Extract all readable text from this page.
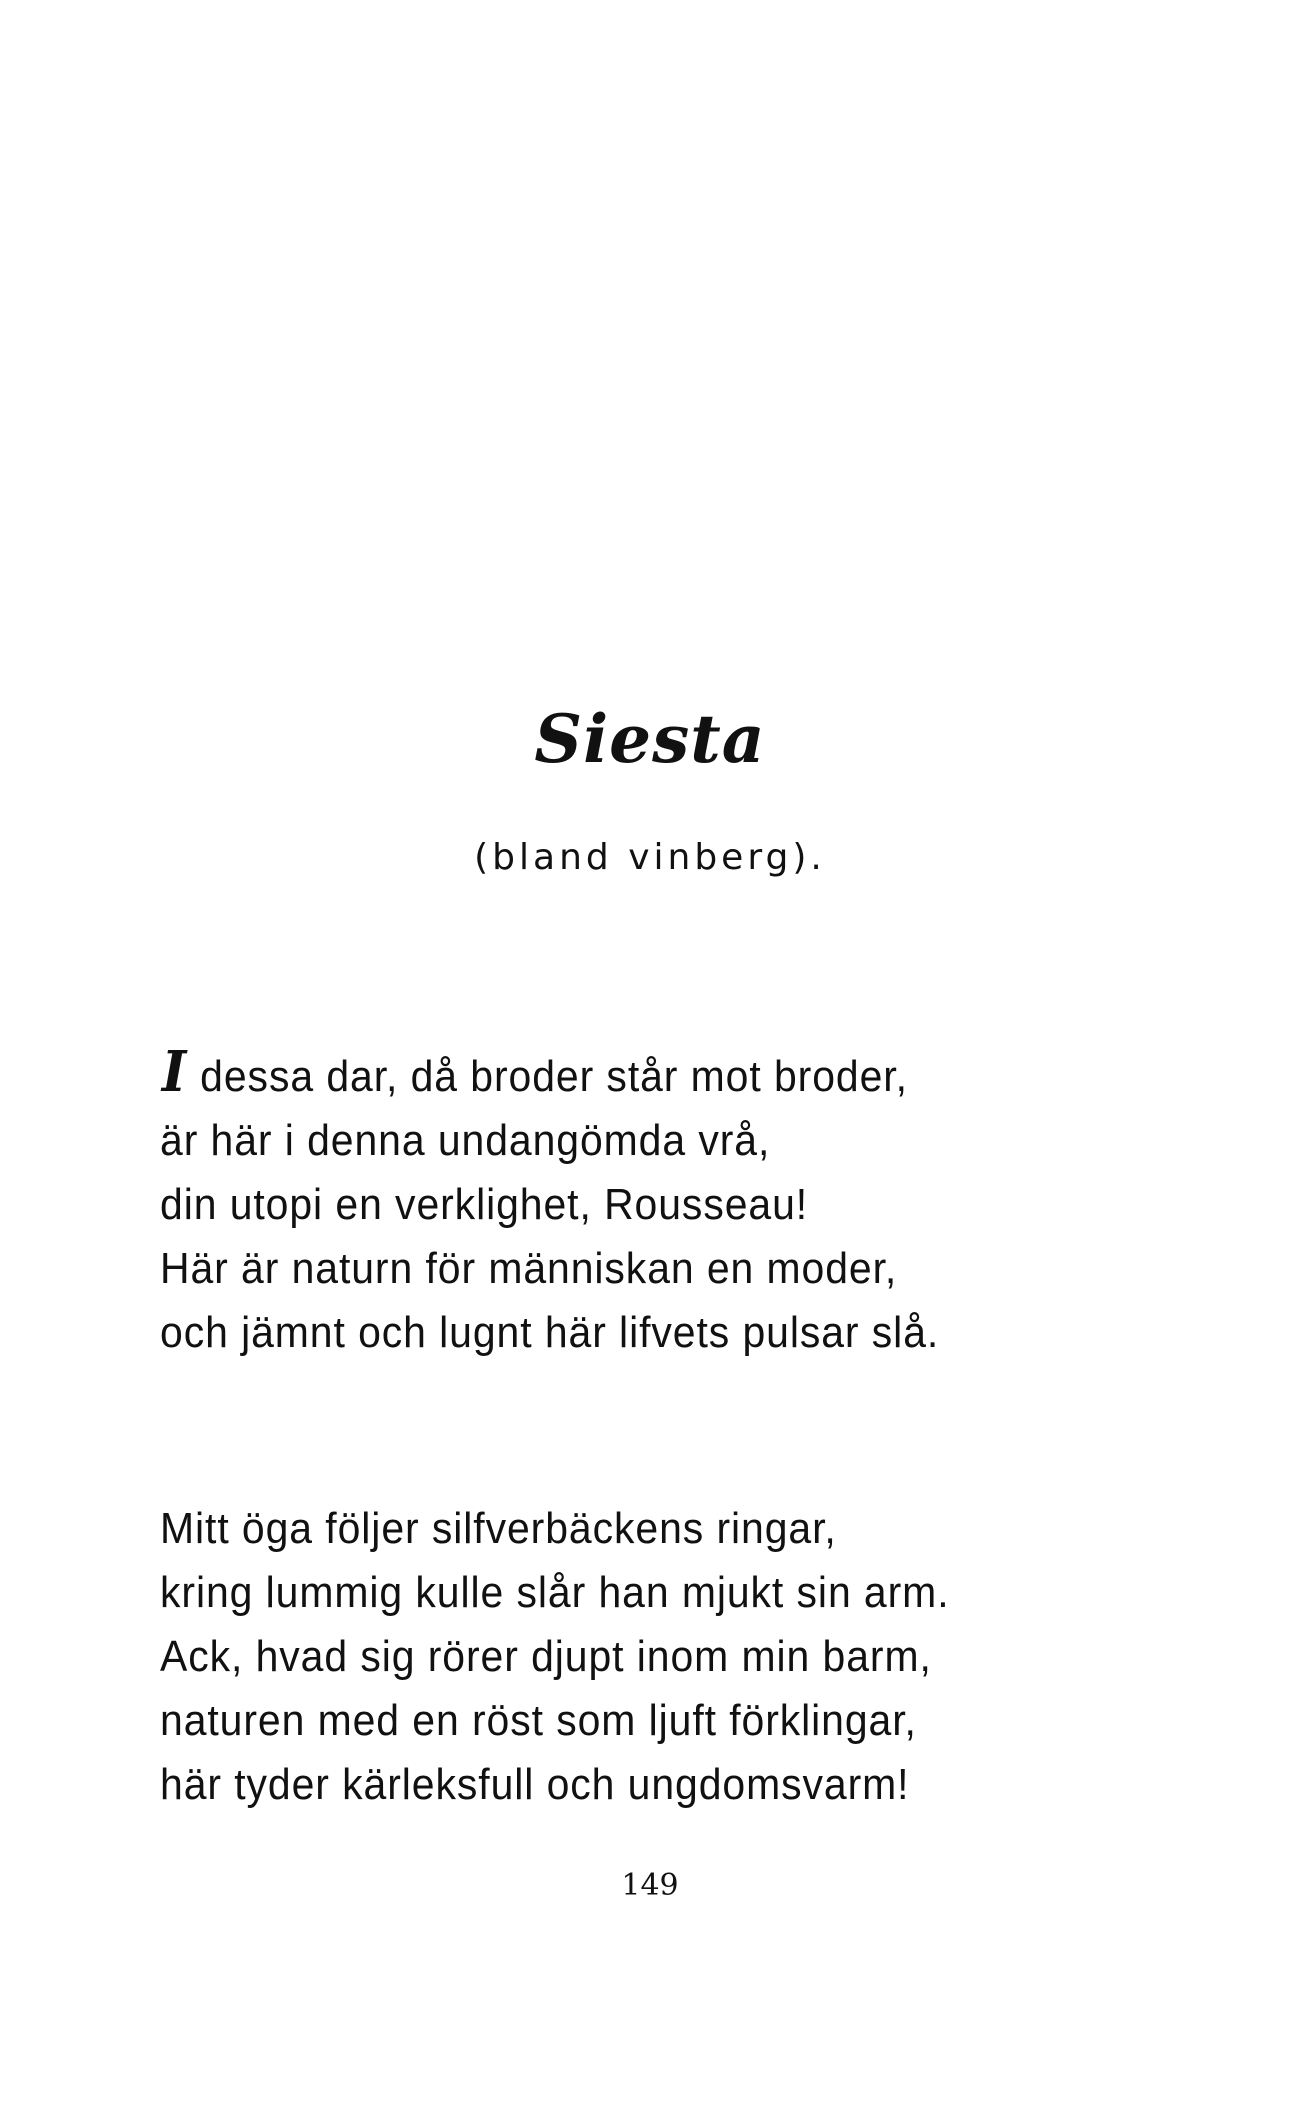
Siesta
(bland vinberg).
I dessa dar, då broder står mot broder,
är här i denna undangömda vrå,
din utopi en verklighet, Rousseau!
Här är naturn för människan en moder,
och jämnt och lugnt här lifvets pulsar slå.
Mitt öga följer silfverbäckens ringar,
kring lummig kulle slår han mjukt sin arm.
Ack, hvad sig rörer djupt inom min barm,
naturen med en röst som ljuft förklingar,
här tyder kärleksfull och ungdomsvarm!
149
